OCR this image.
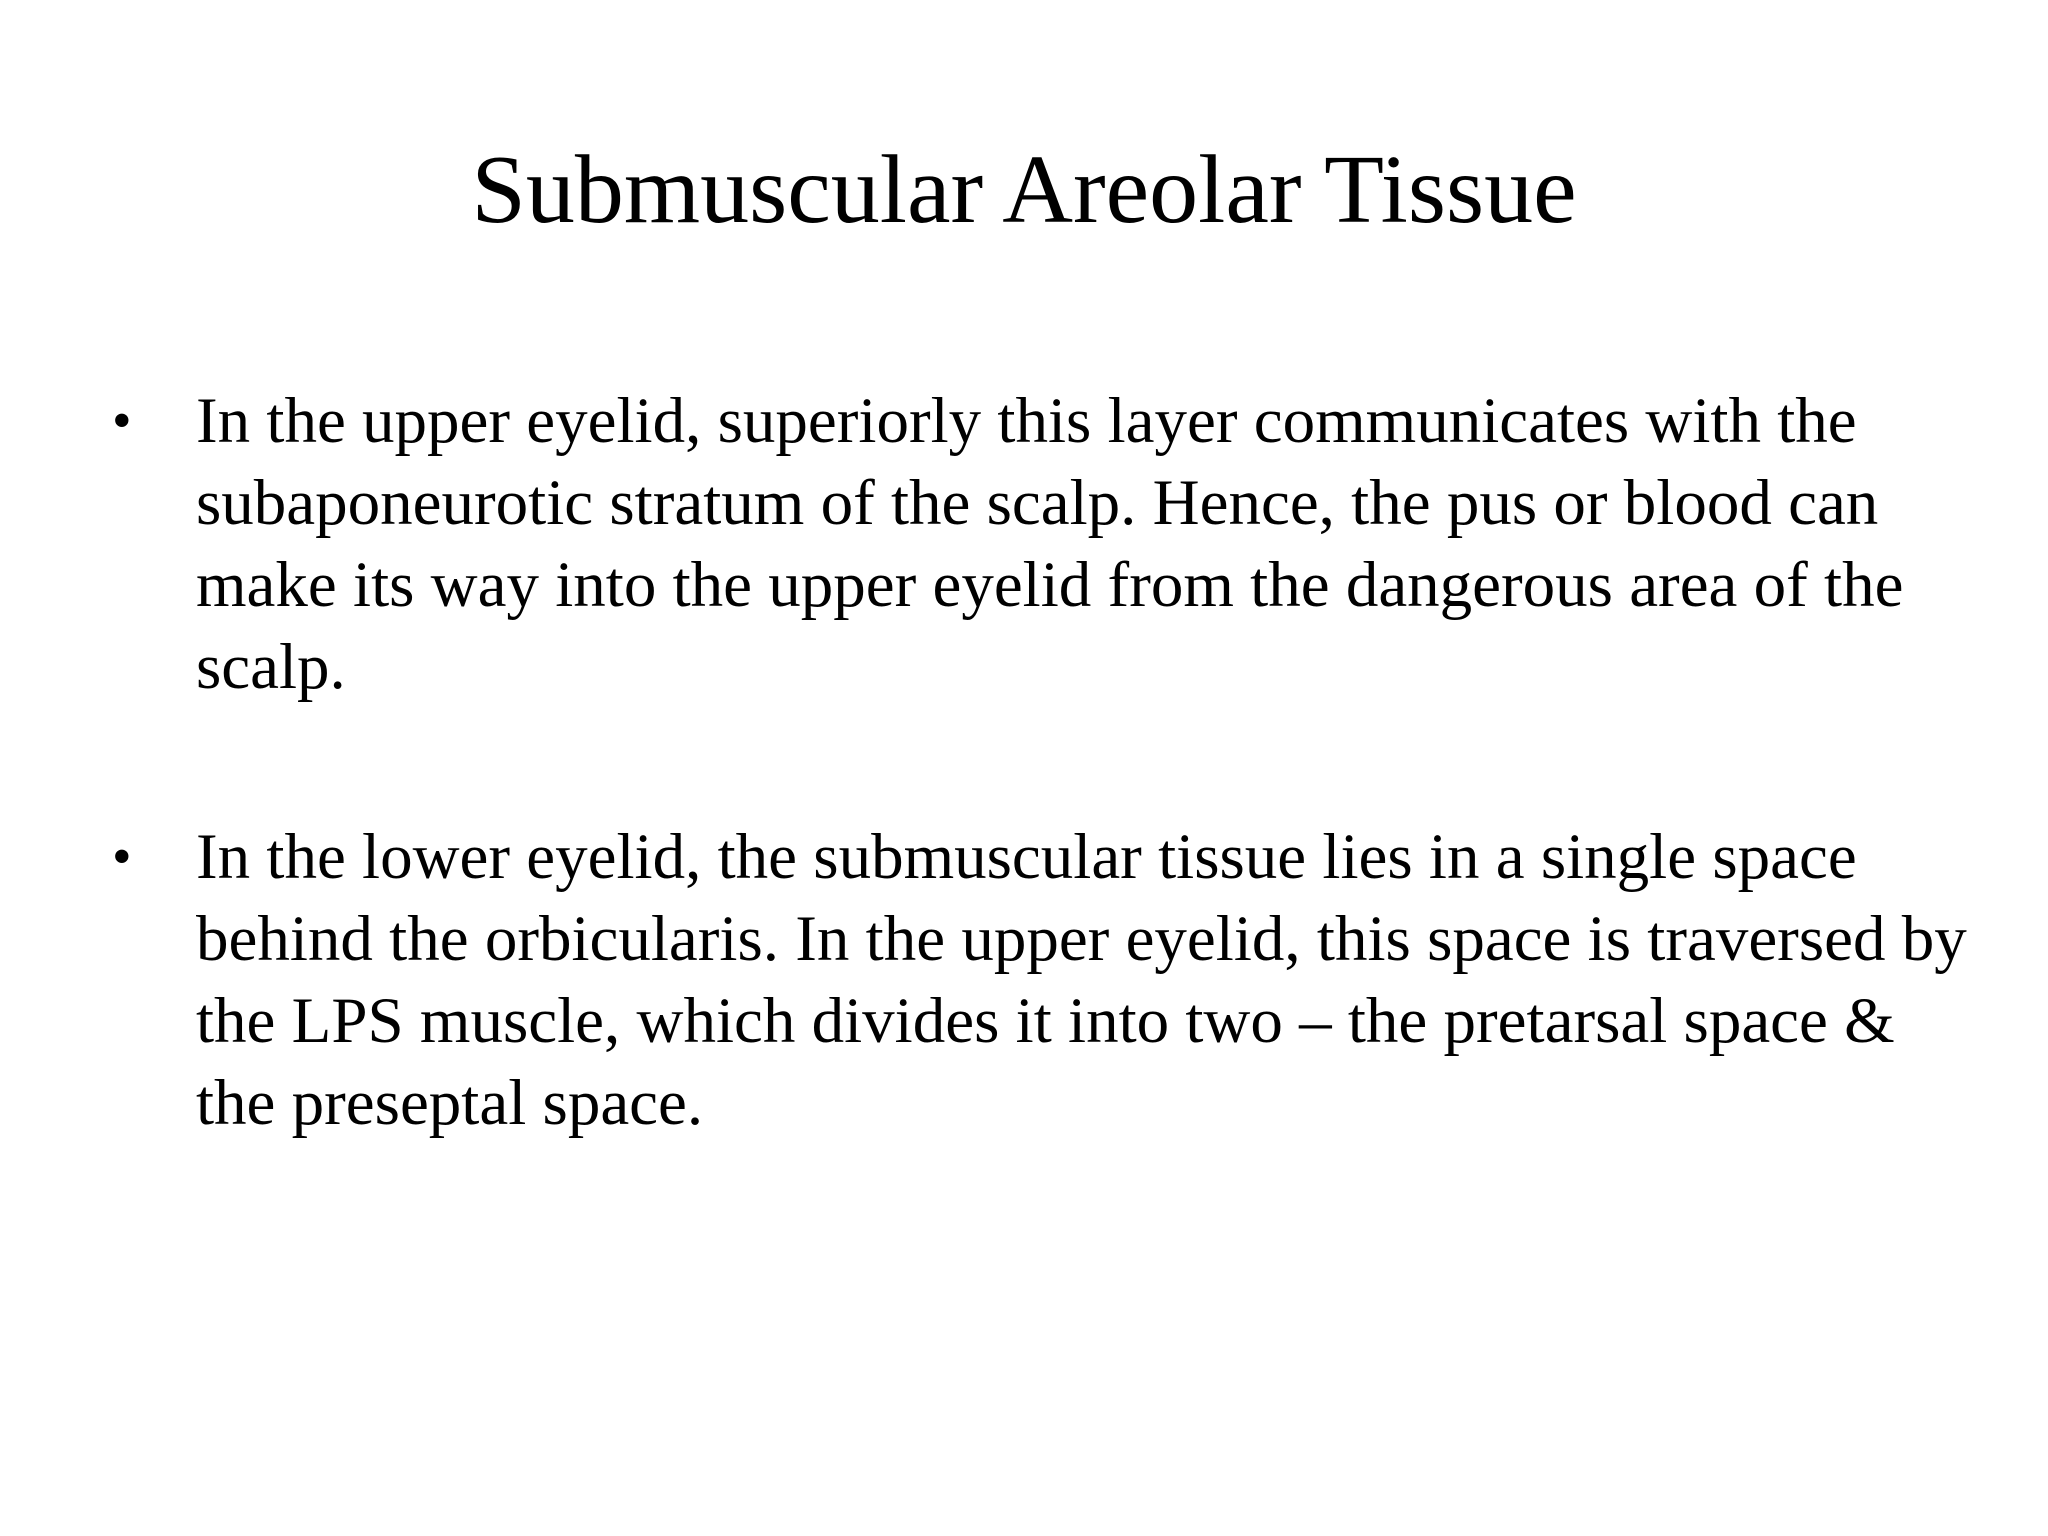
Submuscular Areolar Tissue
• In the upper eyelid, superiorly this layer communicates with the subaponeurotic stratum of the scalp. Hence, the pus or blood can make its way into the upper eyelid from the dangerous area of the scalp.
• In the lower eyelid, the submuscular tissue lies in a single space behind the orbicularis. In the upper eyelid, this space is traversed by the LPS muscle, which divides it into two – the pretarsal space & the preseptal space.
